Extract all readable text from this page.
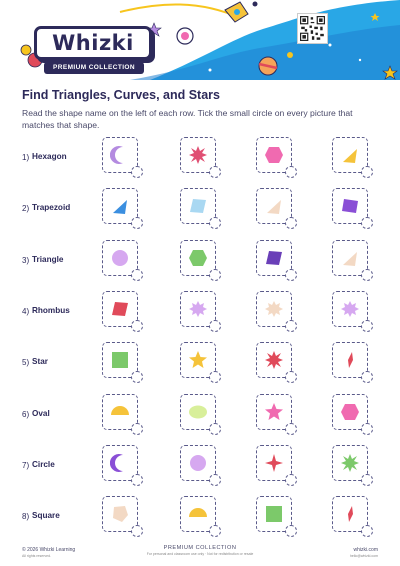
Whizki
PREMIUM COLLECTION
Find Triangles, Curves, and Stars
Read the shape name on the left of each row. Tick the small circle on every picture that matches that shape.
1) Hexagon
2) Trapezoid
3) Triangle
4) Rhombus
5) Star
6) Oval
7) Circle
8) Square
© 2026 Whizki Learning
All rights reserved.
PREMIUM COLLECTION
For personal and classroom use only · Not for redistribution or resale
whizki.com
hello@whizki.com
